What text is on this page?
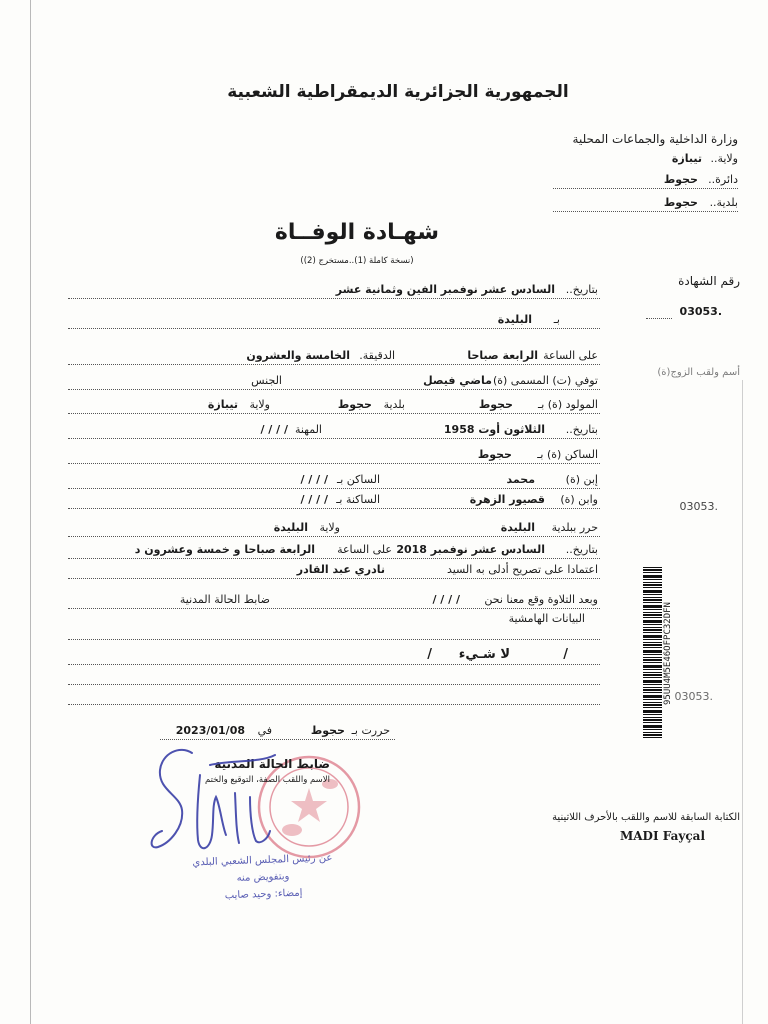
الجمهورية الجزائرية الديمقراطية الشعبية
وزارة الداخلية والجماعات المحلية
ولاية..
تيبازة
دائرة..
حجوط
بلدية..
حجوط
شهـادة الوفــاة
(نسخة كاملة (1)..مستخرج (2))
رقم الشهادة
03053.
أسم ولقب الزوج(ة)
03053.
03053.
95UU4M5E46OFPC32DFN
بتاريخ..
السادس عشر نوفمبر الفين وثمانية عشر
بـ
البليدة
على الساعة
الرابعة صباحا
الدقيقة.
الخامسة والعشرون
توفي (ت) المسمى (ة)
ماضي فيصل
الجنس
المولود (ة) بـ
حجوط
بلدية
حجوط
ولاية
تيبازة
بتاريخ..
الثلاثون أوت 1958
المهنة
/ / / /
الساكن (ة) بـ
حجوط
إبن (ة)
محمد
الساكن بـ
/ / / /
وابن (ة)
قصيور الزهرة
الساكنة بـ
/ / / /
حرر ببلدية
البليدة
ولاية
البليدة
بتاريخ..
السادس عشر نوفمبر 2018
على الساعة
الرابعة صباحا و خمسة وعشرون د
اعتمادا على تصريح أدلى به السيد
نادري عبد القادر
وبعد التلاوة وقع معنا نحن
/ / / /
ضابط الحالة المدنية
البيانات الهامشية
/
لا شـيء
/
حررت بـ
حجوط
في
2023/01/08
ضابط الحالة المدنية
الاسم واللقب الصفة، التوقيع والختم
عن رئيس المجلس الشعبي البلدي
وبتفويض منه
إمضاء: وحيد صايب
الكتابة السابقة للاسم واللقب بالأحرف اللاتينية
MADI Fayçal
